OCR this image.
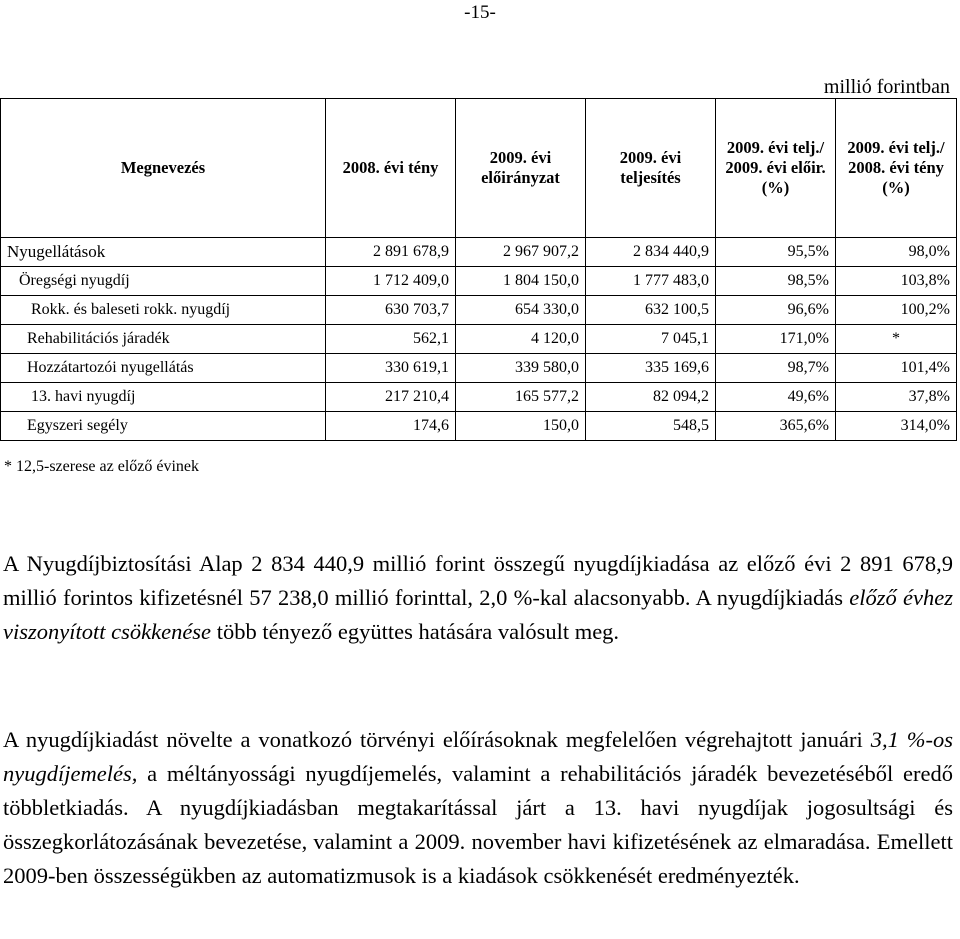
-15-
millió forintban
Megnevezés	2008. évi tény	2009. évi előirányzat	2009. évi teljesítés	2009. évi telj./ 2009. évi előir. (%)	2009. évi telj./ 2008. évi tény (%)
Nyugellátások	2 891 678,9	2 967 907,2	2 834 440,9	95,5%	98,0%
Öregségi nyugdíj	1 712 409,0	1 804 150,0	1 777 483,0	98,5%	103,8%
Rokk. és baleseti rokk. nyugdíj	630 703,7	654 330,0	632 100,5	96,6%	100,2%
Rehabilitációs járadék	562,1	4 120,0	7 045,1	171,0%	*
Hozzátartozói nyugellátás	330 619,1	339 580,0	335 169,6	98,7%	101,4%
13. havi nyugdíj	217 210,4	165 577,2	82 094,2	49,6%	37,8%
Egyszeri segély	174,6	150,0	548,5	365,6%	314,0%
* 12,5-szerese az előző évinek

A Nyugdíjbiztosítási Alap 2 834 440,9 millió forint összegű nyugdíjkiadása az előző évi 2 891 678,9 millió forintos kifizetésnél 57 238,0 millió forinttal, 2,0 %-kal alacsonyabb. A nyugdíjkiadás előző évhez viszonyított csökkenése több tényező együttes hatására valósult meg.

A nyugdíjkiadást növelte a vonatkozó törvényi előírásoknak megfelelően végrehajtott januári 3,1 %-os nyugdíjemelés, a méltányossági nyugdíjemelés, valamint a rehabilitációs járadék bevezetéséből eredő többletkiadás. A nyugdíjkiadásban megtakarítással járt a 13. havi nyugdíjak jogosultsági és összegkorlátozásának bevezetése, valamint a 2009. november havi kifizetésének az elmaradása. Emellett 2009-ben összességükben az automatizmusok is a kiadások csökkenését eredményezték.
